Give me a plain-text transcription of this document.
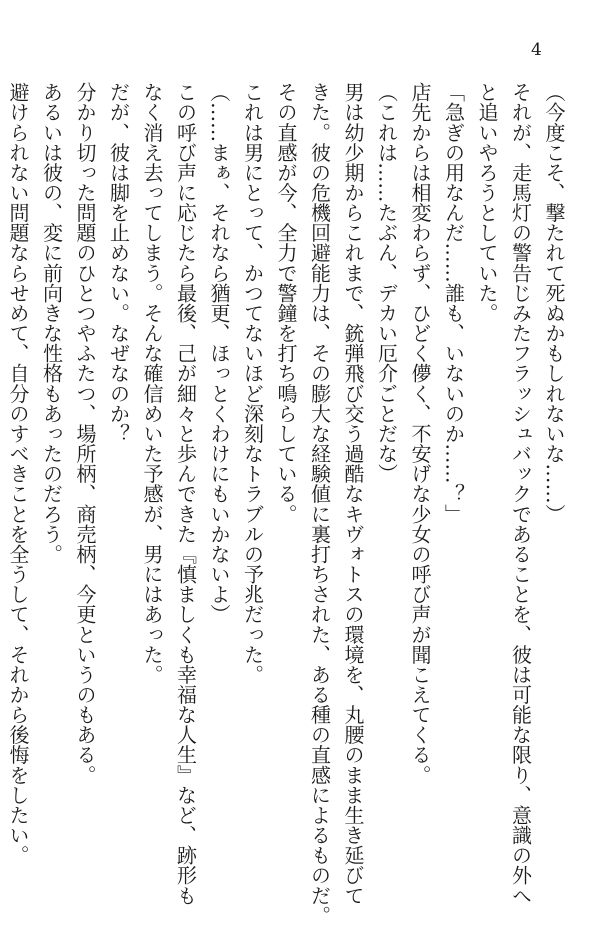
4
（今度こそ、撃たれて死ぬかもしれないな……）
それが、走馬灯の警告じみたフラッシュバックであることを、彼は可能な限り、意識の外へ
と追いやろうとしていた。
「急ぎの用なんだ……誰も、いないのか……？」
店先からは相変わらず、ひどく儚く、不安げな少女の呼び声が聞こえてくる。
（これは……たぶん、デカい厄介ごとだな）
男は幼少期からこれまで、銃弾飛び交う過酷なキヴォトスの環境を、丸腰のまま生き延びて
きた。彼の危機回避能力は、その膨大な経験値に裏打ちされた、ある種の直感によるものだ。
その直感が今、全力で警鐘を打ち鳴らしている。
これは男にとって、かつてないほど深刻なトラブルの予兆だった。
（……まぁ、それなら猶更、ほっとくわけにもいかないよ）
この呼び声に応じたら最後、己が細々と歩んできた『慎ましくも幸福な人生』など、跡形も
なく消え去ってしまう。そんな確信めいた予感が、男にはあった。
だが、彼は脚を止めない。なぜなのか？
分かり切った問題のひとつやふたつ、場所柄、商売柄、今更というのもある。
あるいは彼の、変に前向きな性格もあったのだろう。
避けられない問題ならせめて、自分のすべきことを全うして、それから後悔をしたい。
